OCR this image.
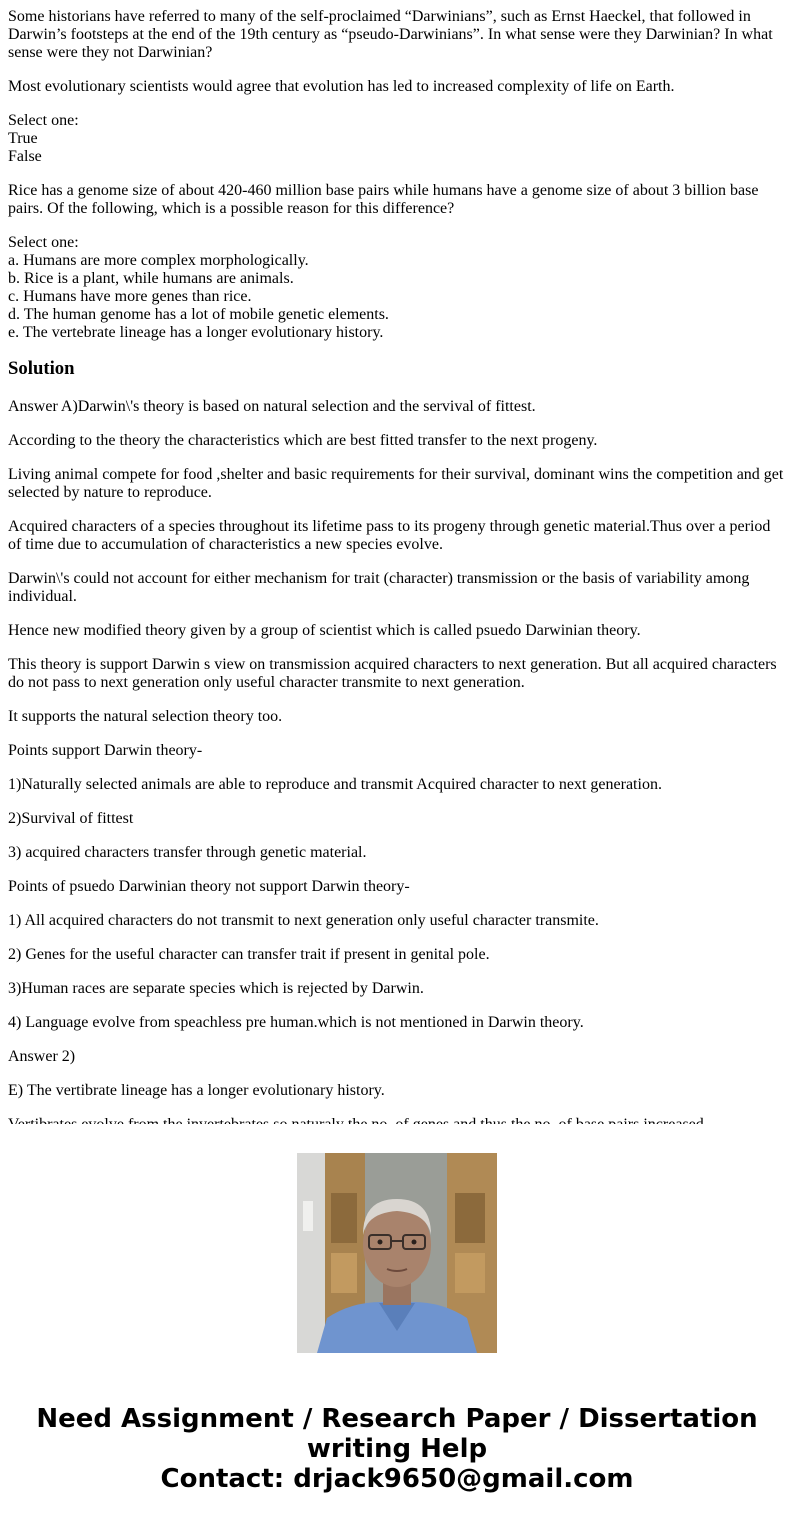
Some historians have referred to many of the self-proclaimed “Darwinians”, such as Ernst Haeckel, that followed in Darwin’s footsteps at the end of the 19th century as “pseudo-Darwinians”. In what sense were they Darwinian? In what sense were they not Darwinian?

Most evolutionary scientists would agree that evolution has led to increased complexity of life on Earth.

Select one:
True
False

Rice has a genome size of about 420-460 million base pairs while humans have a genome size of about 3 billion base pairs. Of the following, which is a possible reason for this difference?

Select one:
a. Humans are more complex morphologically.
b. Rice is a plant, while humans are animals.
c. Humans have more genes than rice.
d. The human genome has a lot of mobile genetic elements.
e. The vertebrate lineage has a longer evolutionary history.
Solution

Answer A)Darwin\'s theory is based on natural selection and the servival of fittest.

According to the theory the characteristics which are best fitted transfer to the next progeny.

Living animal compete for food ,shelter and basic requirements for their survival, dominant wins the competition and get selected by nature to reproduce.

Acquired characters of a species throughout its lifetime pass to its progeny through genetic material.Thus over a period of time due to accumulation of characteristics a new species evolve.

Darwin\'s could not account for either mechanism for trait (character) transmission or the basis of variability among individual.

Hence new modified theory given by a group of scientist which is called psuedo Darwinian theory.

This theory is support Darwin s view on transmission acquired characters to next generation. But all acquired characters do not pass to next generation only useful character transmite to next generation.

It supports the natural selection theory too.

Points support Darwin theory-

1)Naturally selected animals are able to reproduce and transmit Acquired character to next generation.

2)Survival of fittest

3) acquired characters transfer through genetic material.

Points of psuedo Darwinian theory not support Darwin theory-

1) All acquired characters do not transmit to next generation only useful character transmite.

2) Genes for the useful character can transfer trait if present in genital pole.

3)Human races are separate species which is rejected by Darwin.

4) Language evolve from speachless pre human.which is not mentioned in Darwin theory.

Answer 2)

E) The vertibrate lineage has a longer evolutionary history.

Need Assignment / Research Paper / Dissertation writing Help
Contact: drjack9650@gmail.com
